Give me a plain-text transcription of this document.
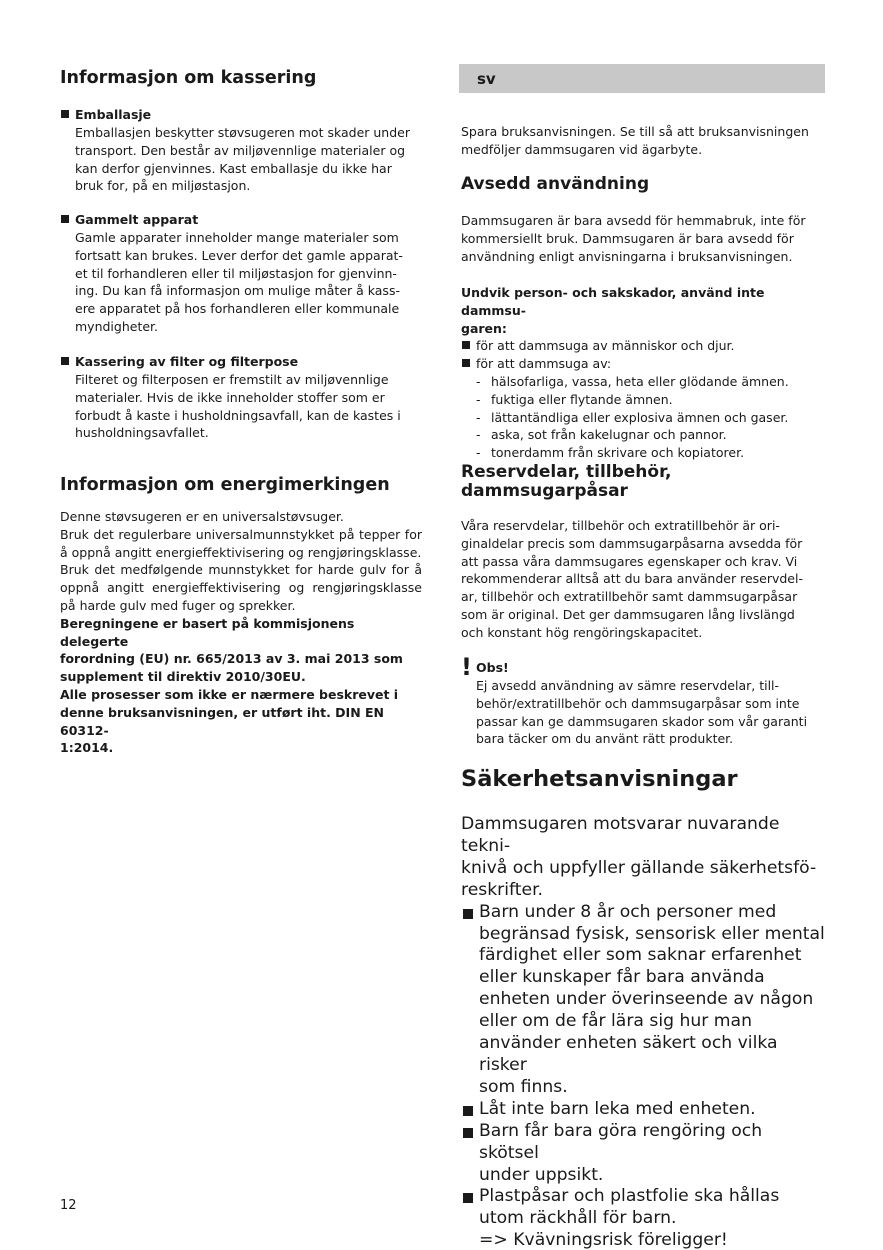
Informasjon om kassering
Emballasje
Emballasjen beskytter støvsugeren mot skader under
transport. Den består av miljøvennlige materialer og
kan derfor gjenvinnes. Kast emballasje du ikke har
bruk for, på en miljøstasjon.
Gammelt apparat
Gamle apparater inneholder mange materialer som
fortsatt kan brukes. Lever derfor det gamle apparat-
et til forhandleren eller til miljøstasjon for gjenvinn-
ing. Du kan få informasjon om mulige måter å kass-
ere apparatet på hos forhandleren eller kommunale
myndigheter.
Kassering av filter og filterpose
Filteret og filterposen er fremstilt av miljøvennlige
materialer. Hvis de ikke inneholder stoffer som er
forbudt å kaste i husholdningsavfall, kan de kastes i
husholdningsavfallet.
Informasjon om energimerkingen

Denne støvsugeren er en universalstøvsuger.

Bruk det regulerbare universalmunnstykket på tepper for å oppnå angitt energieffektivisering og rengjøringsklasse.

Bruk det medfølgende munnstykket for harde gulv for å oppnå angitt energieffektivisering og rengjøringsklasse på harde gulv med fuger og sprekker.

Beregningene er basert på kommisjonens delegerte

forordning (EU) nr. 665/2013 av 3. mai 2013 som

supplement til direktiv 2010/30EU.

Alle prosesser som ikke er nærmere beskrevet i

denne bruksanvisningen, er utført iht. DIN EN 60312-

1:2014.

sv

Spara bruksanvisningen. Se till så att bruksanvisningen

medföljer dammsugaren vid ägarbyte.

Avsedd användning

Dammsugaren är bara avsedd för hemmabruk, inte för

kommersiellt bruk. Dammsugaren är bara avsedd för

användning enligt anvisningarna i bruksanvisningen.

Undvik person- och sakskador, använd inte dammsu-

garen:

för att dammsuga av människor och djur.
för att dammsuga av:
- hälsofarliga, vassa, heta eller glödande ämnen.
- fuktiga eller flytande ämnen.
- lättantändliga eller explosiva ämnen och gaser.
- aska, sot från kakelugnar och pannor.
- tonerdamm från skrivare och kopiatorer.
Reservdelar, tillbehör,
dammsugarpåsar

Våra reservdelar, tillbehör och extratillbehör är ori-

ginaldelar precis som dammsugarpåsarna avsedda för

att passa våra dammsugares egenskaper och krav. Vi

rekommenderar alltså att du bara använder reservdel-

ar, tillbehör och extratillbehör samt dammsugarpåsar

som är original. Det ger dammsugaren lång livslängd

och konstant hög rengöringskapacitet.

! Obs!

Ej avsedd användning av sämre reservdelar, till-

behör/extratillbehör och dammsugarpåsar som inte

passar kan ge dammsugaren skador som vår garanti

bara täcker om du använt rätt produkter.

Säkerhetsanvisningar

Dammsugaren motsvarar nuvarande tekni-

knivå och uppfyller gällande säkerhetsfö-

reskrifter.

Barn under 8 år och personer med
begränsad fysisk, sensorisk eller mental
färdighet eller som saknar erfarenhet
eller kunskaper får bara använda
enheten under överinseende av någon
eller om de får lära sig hur man
använder enheten säkert och vilka risker
som finns.
Låt inte barn leka med enheten.
Barn får bara göra rengöring och skötsel
under uppsikt.
Plastpåsar och plastfolie ska hållas
utom räckhåll för barn.
=> Kvävningsrisk föreligger!
12
